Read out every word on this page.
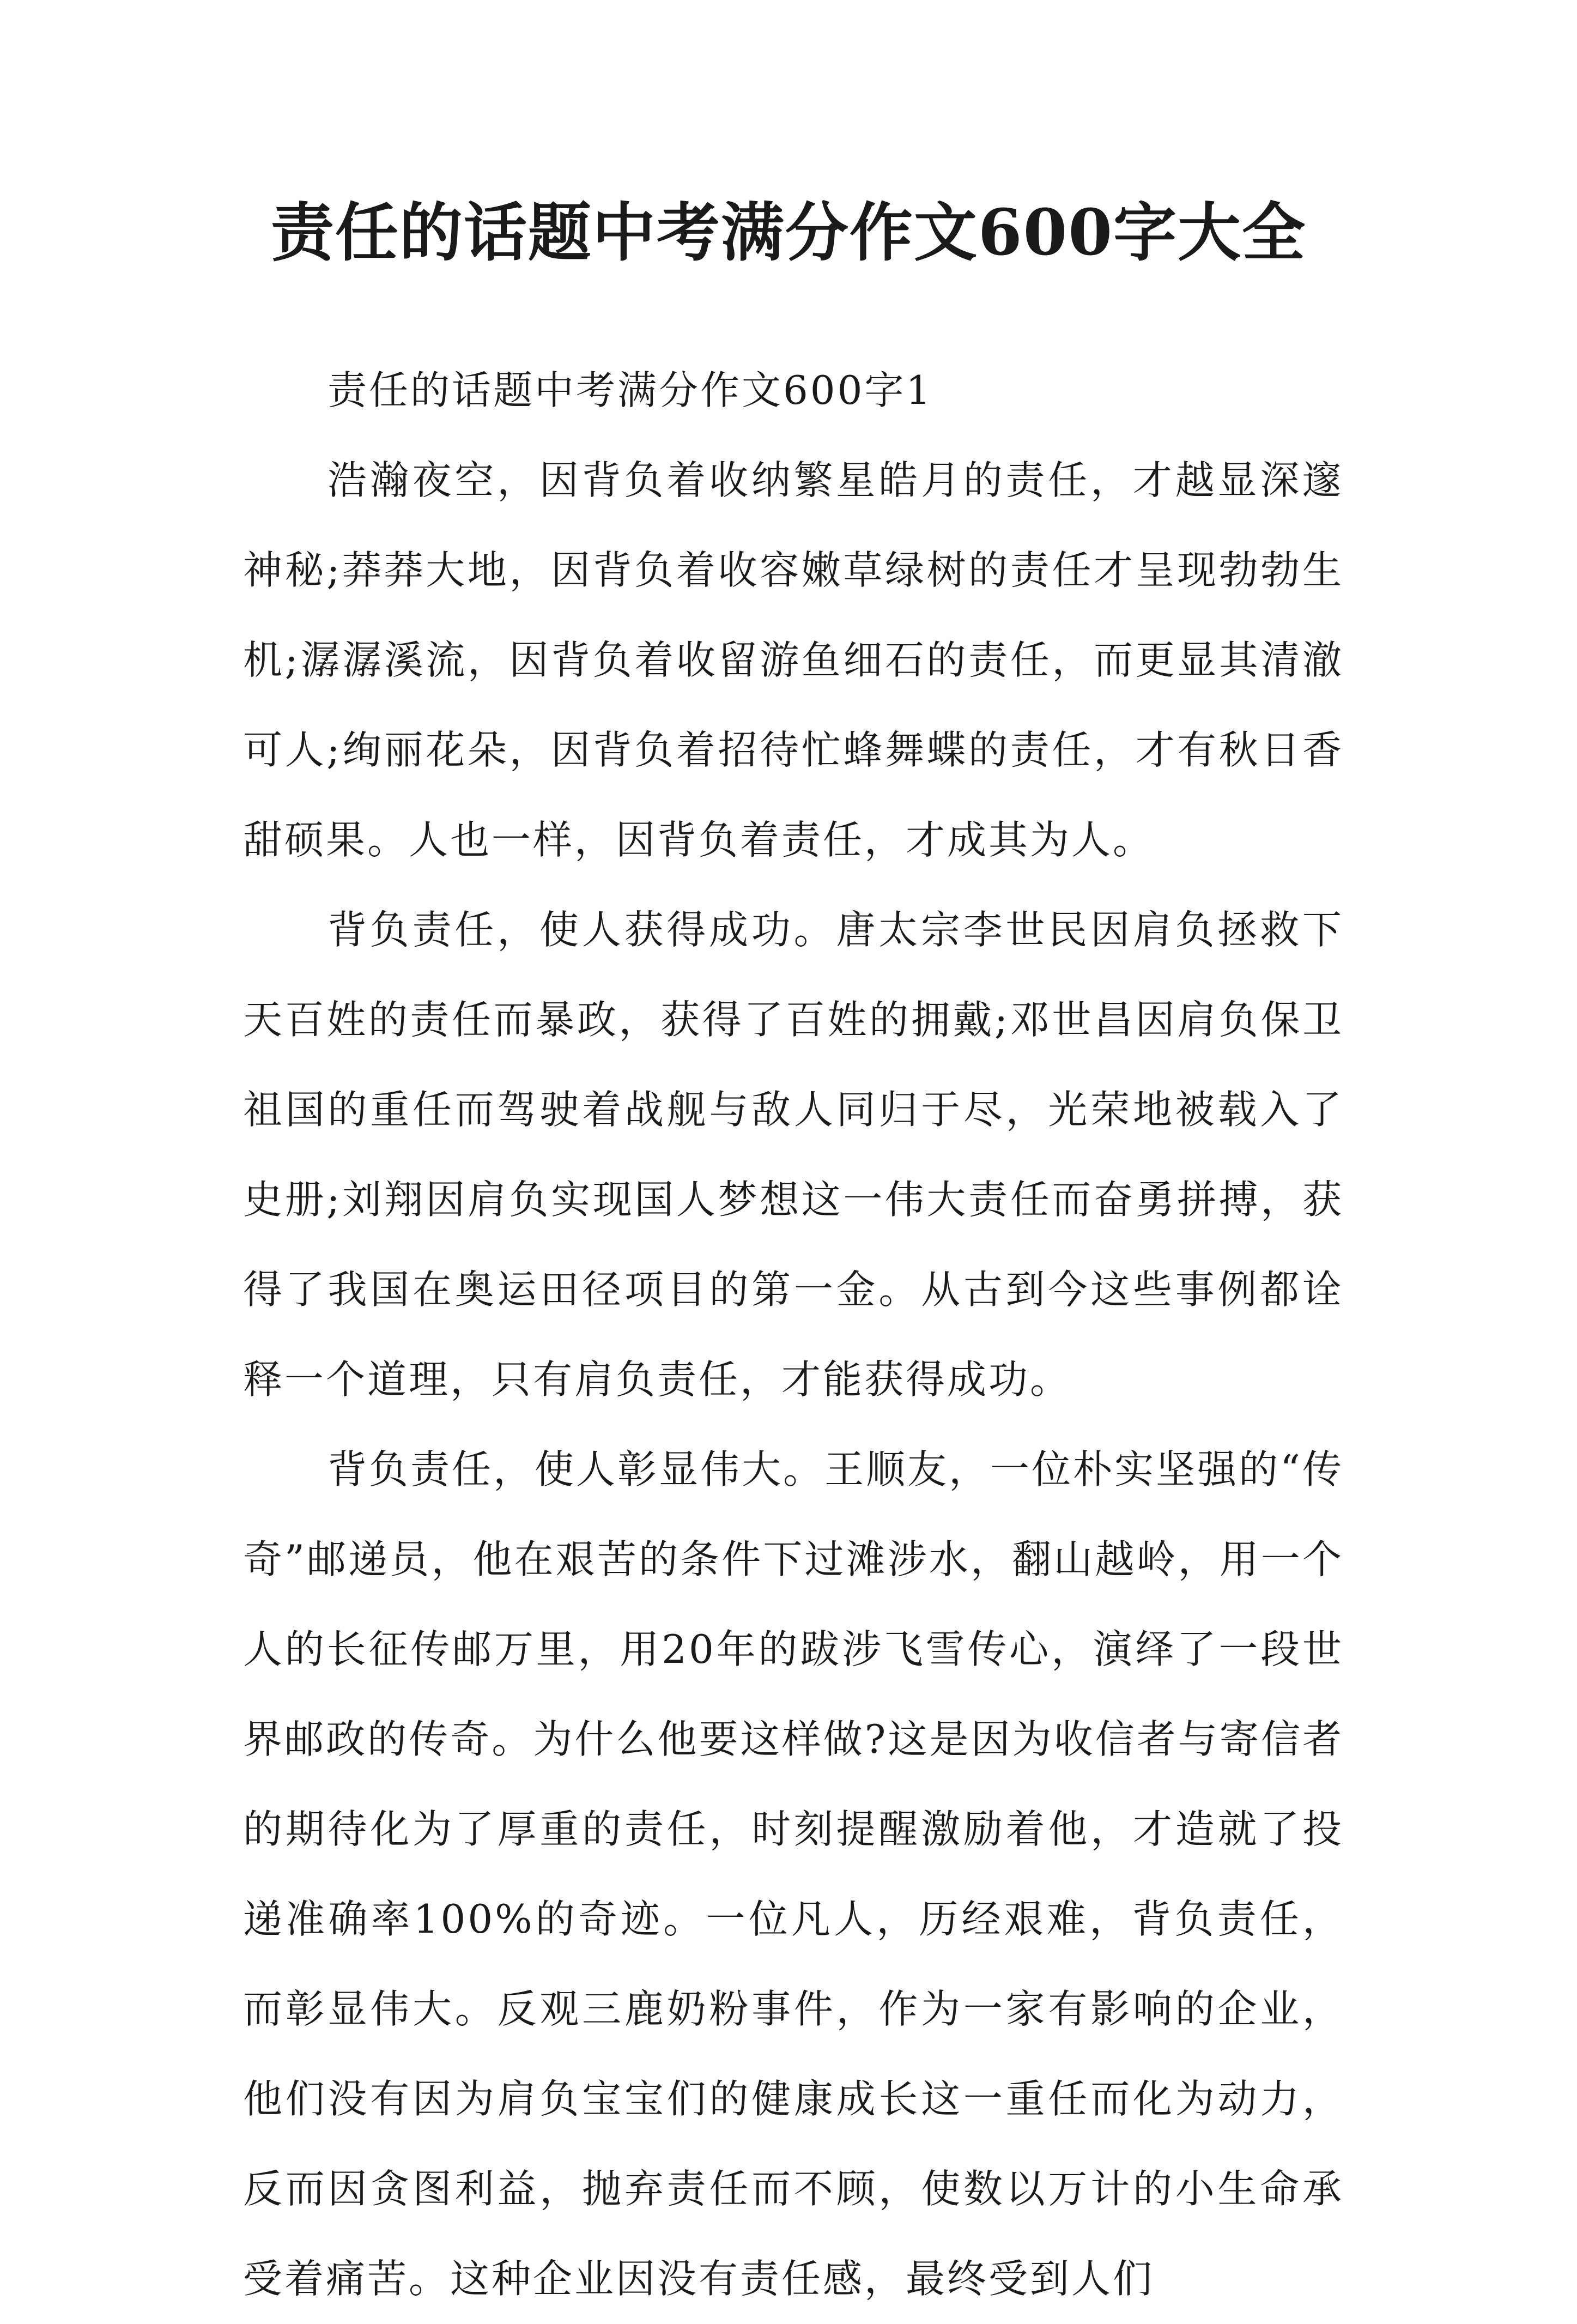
责任的话题中考满分作文600字大全

责任的话题中考满分作文600字1

浩瀚夜空，因背负着收纳繁星皓月的责任，才越显深邃神秘;莽莽大地，因背负着收容嫩草绿树的责任才呈现勃勃生机;潺潺溪流，因背负着收留游鱼细石的责任，而更显其清澈可人;绚丽花朵，因背负着招待忙蜂舞蝶的责任，才有秋日香甜硕果。人也一样，因背负着责任，才成其为人。

背负责任，使人获得成功。唐太宗李世民因肩负拯救下天百姓的责任而暴政，获得了百姓的拥戴;邓世昌因肩负保卫祖国的重任而驾驶着战舰与敌人同归于尽，光荣地被载入了史册;刘翔因肩负实现国人梦想这一伟大责任而奋勇拼搏，获得了我国在奥运田径项目的第一金。从古到今这些事例都诠释一个道理，只有肩负责任，才能获得成功。

背负责任，使人彰显伟大。王顺友，一位朴实坚强的“传奇”邮递员，他在艰苦的条件下过滩涉水，翻山越岭，用一个人的长征传邮万里，用20年的跋涉飞雪传心，演绎了一段世界邮政的传奇。为什么他要这样做?这是因为收信者与寄信者的期待化为了厚重的责任，时刻提醒激励着他，才造就了投递准确率100%的奇迹。一位凡人，历经艰难，背负责任，而彰显伟大。反观三鹿奶粉事件，作为一家有影响的企业，他们没有因为肩负宝宝们的健康成长这一重任而化为动力，反而因贪图利益，抛弃责任而不顾，使数以万计的小生命承受着痛苦。这种企业因没有责任感，最终受到人们
